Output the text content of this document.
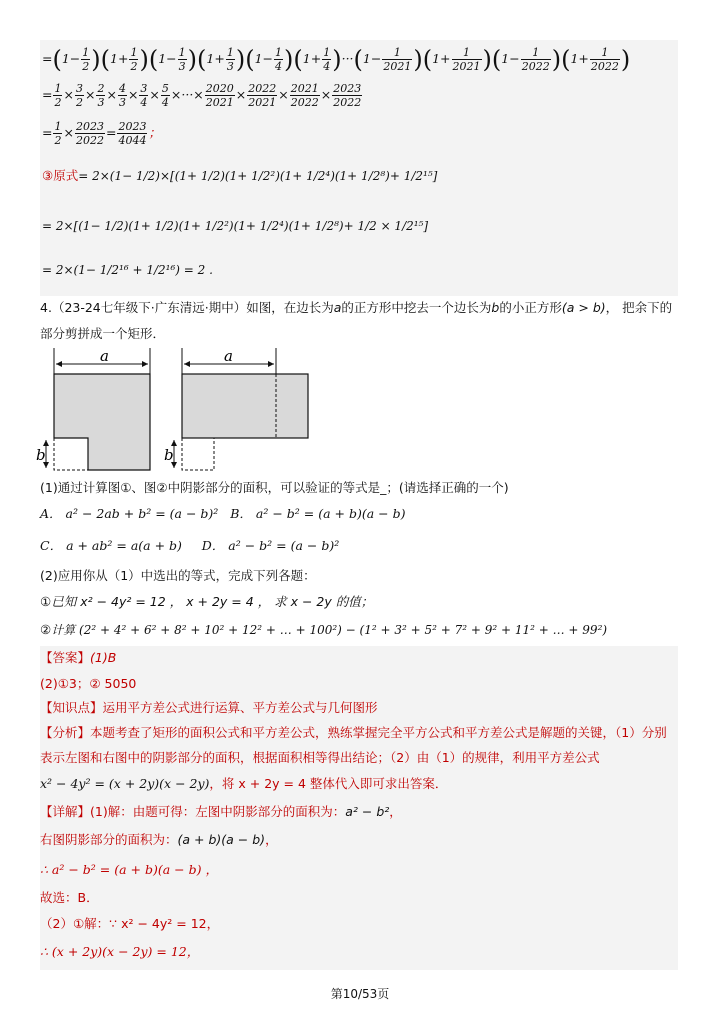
$=(1- \frac{1}{2} )(1+ \frac{1}{2} )(1- \frac{1}{3} )(1+ \frac{1}{3} )(1- \frac{1}{4} )(1+ \frac{1}{4} )\cdot\cdot\cdot(1- \frac{1}{2021} )(1+ \frac{1}{2021} )(1- \frac{1}{2022} )(1+ \frac{1}{2022}$ )
= $\frac{1}{2} \times \frac{3}{2} \times \frac{2}{3} \times \frac{4}{3} \times \frac{3}{4} \times \frac{5}{4}$ ×···× $\frac{2020}{2021} \times \frac{2022}{2021} \times \frac{2021}{2022} \times \frac{2023}{2022}$
= $\frac{1}{2} \times \frac{2023}{2022} = \frac{2023}{4044}$ ；
③原式= 2×(1− 1/2)×[(1+ 1/2)(1+ 1/2²)(1+ 1/2⁴)(1+ 1/2⁸)+ 1/2¹⁵]
= 2×[(1− 1/2)(1+ 1/2)(1+ 1/2²)(1+ 1/2⁴)(1+ 1/2⁸)+ 1/2 × 1/2¹⁵]
= 2×(1− 1/2¹⁶ + 1/2¹⁶) = 2 .
4.（23-24七年级下·广东清远·期中）如图，在边长为a的正方形中挖去一个边长为b的小正方形(a > b)， 把余下的
部分剪拼成一个矩形．
a
b
a
b
(1)通过计算图①、图②中阴影部分的面积，可以验证的等式是_；(请选择正确的一个)
A． a² − 2ab + b² = (a − b)² B． a² − b² = (a + b)(a − b)
C． a + ab² = a(a + b) D． a² − b² = (a − b)²
(2)应用你从（1）中选出的等式，完成下列各题：
①已知 x² − 4y² = 12 ， x + 2y = 4 ， 求 x − 2y 的值；
②计算 (2² + 4² + 6² + 8² + 10² + 12² + … + 100²) − (1² + 3² + 5² + 7² + 9² + 11² + … + 99²)
【答案】(1)B
(2)①3；② 5050
【知识点】运用平方差公式进行运算、平方差公式与几何图形
【分析】本题考查了矩形的面积公式和平方差公式，熟练掌握完全平方公式和平方差公式是解题的关键，（1）分别
表示左图和右图中的阴影部分的面积，根据面积相等得出结论；（2）由（1）的规律，利用平方差公式
x² − 4y² = (x + 2y)(x − 2y)，将 x + 2y = 4 整体代入即可求出答案．
【详解】(1)解：由题可得：左图中阴影部分的面积为：a² − b²，
右图阴影部分的面积为：(a + b)(a − b)，
∴ a² − b² = (a + b)(a − b) ，
故选：B．
（2）①解：∵ x² − 4y² = 12，
∴ (x + 2y)(x − 2y) = 12，
第10/53页
